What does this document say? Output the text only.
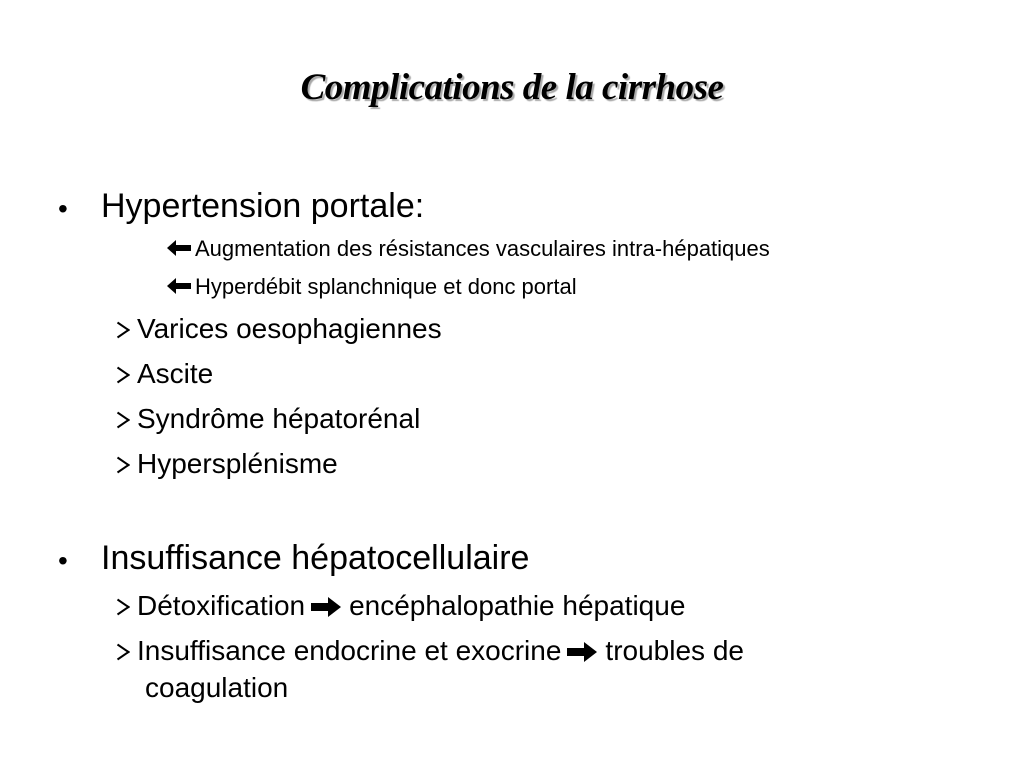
Complications de la cirrhose
• Hypertension portale:
Augmentation des résistances vasculaires intra-hépatiques
Hyperdébit splanchnique et donc portal
Varices oesophagiennes
Ascite
Syndrôme hépatorénal
Hypersplénisme
• Insuffisance hépatocellulaire
Détoxification encéphalopathie hépatique
Insuffisance endocrine et exocrine troubles de
coagulation
